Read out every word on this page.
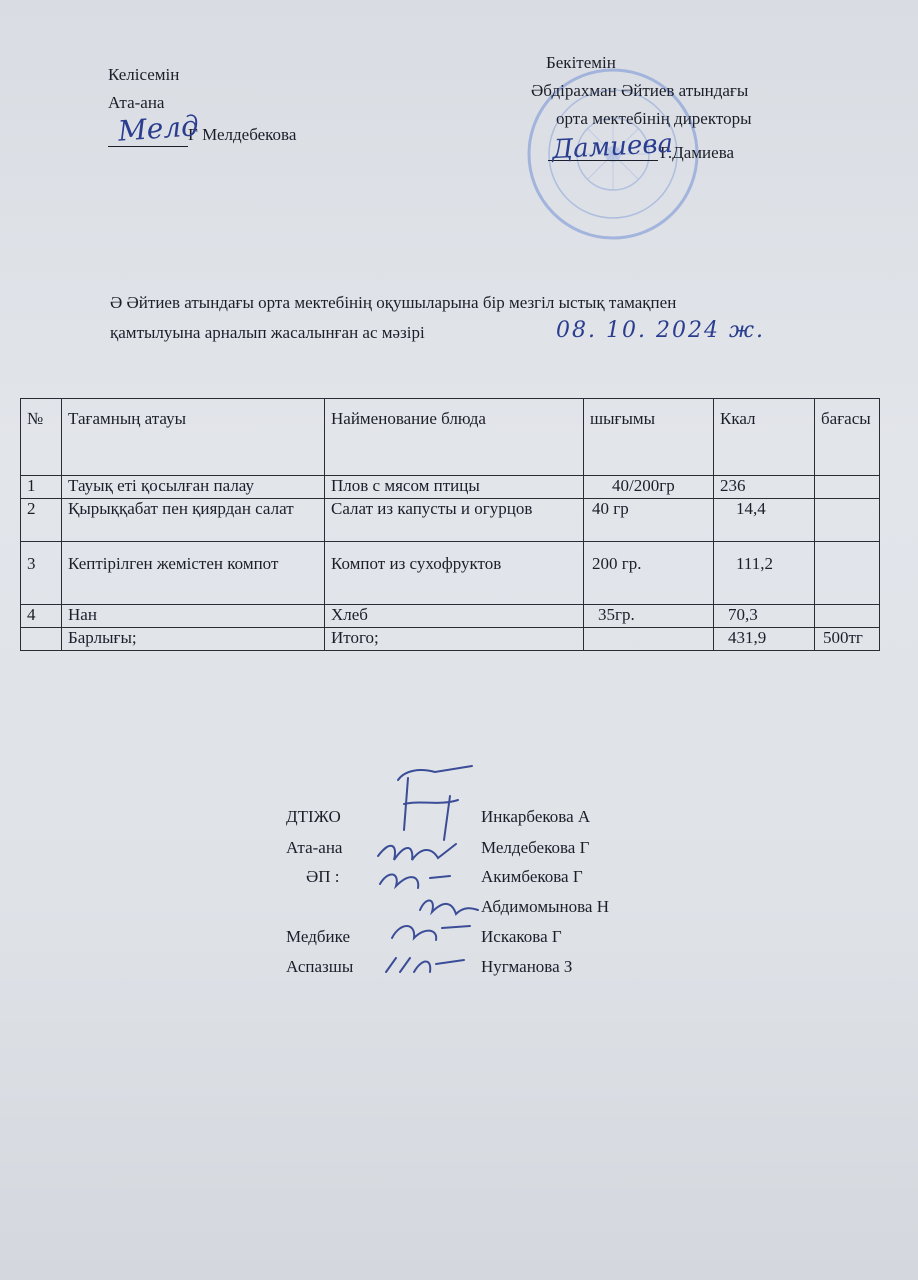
Келісемін
Ата-ана
Г Мелдебекова
Мелд
Бекітемін
Әбдірахман Әйтиев атындағы
орта мектебінің директоры
Г.Дамиева
Дамиева
Ә Әйтиев атындағы орта мектебінің оқушыларына бір мезгіл ыстық тамақпен
қамтылуына арналып жасалынған ас мәзірі	08. 10. 2024 ж.
№	Тағамның атауы	Найменование блюда	шығымы	Ккал	бағасы
1	Тауық еті қосылған палау	Плов с мясом птицы	40/200гр	236	
2	Қырыққабат пен қиярдан салат	Салат из капусты и огурцов	40 гр	14,4	
3	Кептірілген жемістен компот	Компот из сухофруктов	200 гр.	111,2	
4	Нан	Хлеб	35гр.	70,3	
	Барлығы;	Итого;		431,9	500тг
ДТІЖО	Инкарбекова А
Ата-ана	Мелдебекова Г
ӘП :	Акимбекова Г
Абдимомынова Н
Медбике	Искакова Г
Аспазшы	Нугманова З
